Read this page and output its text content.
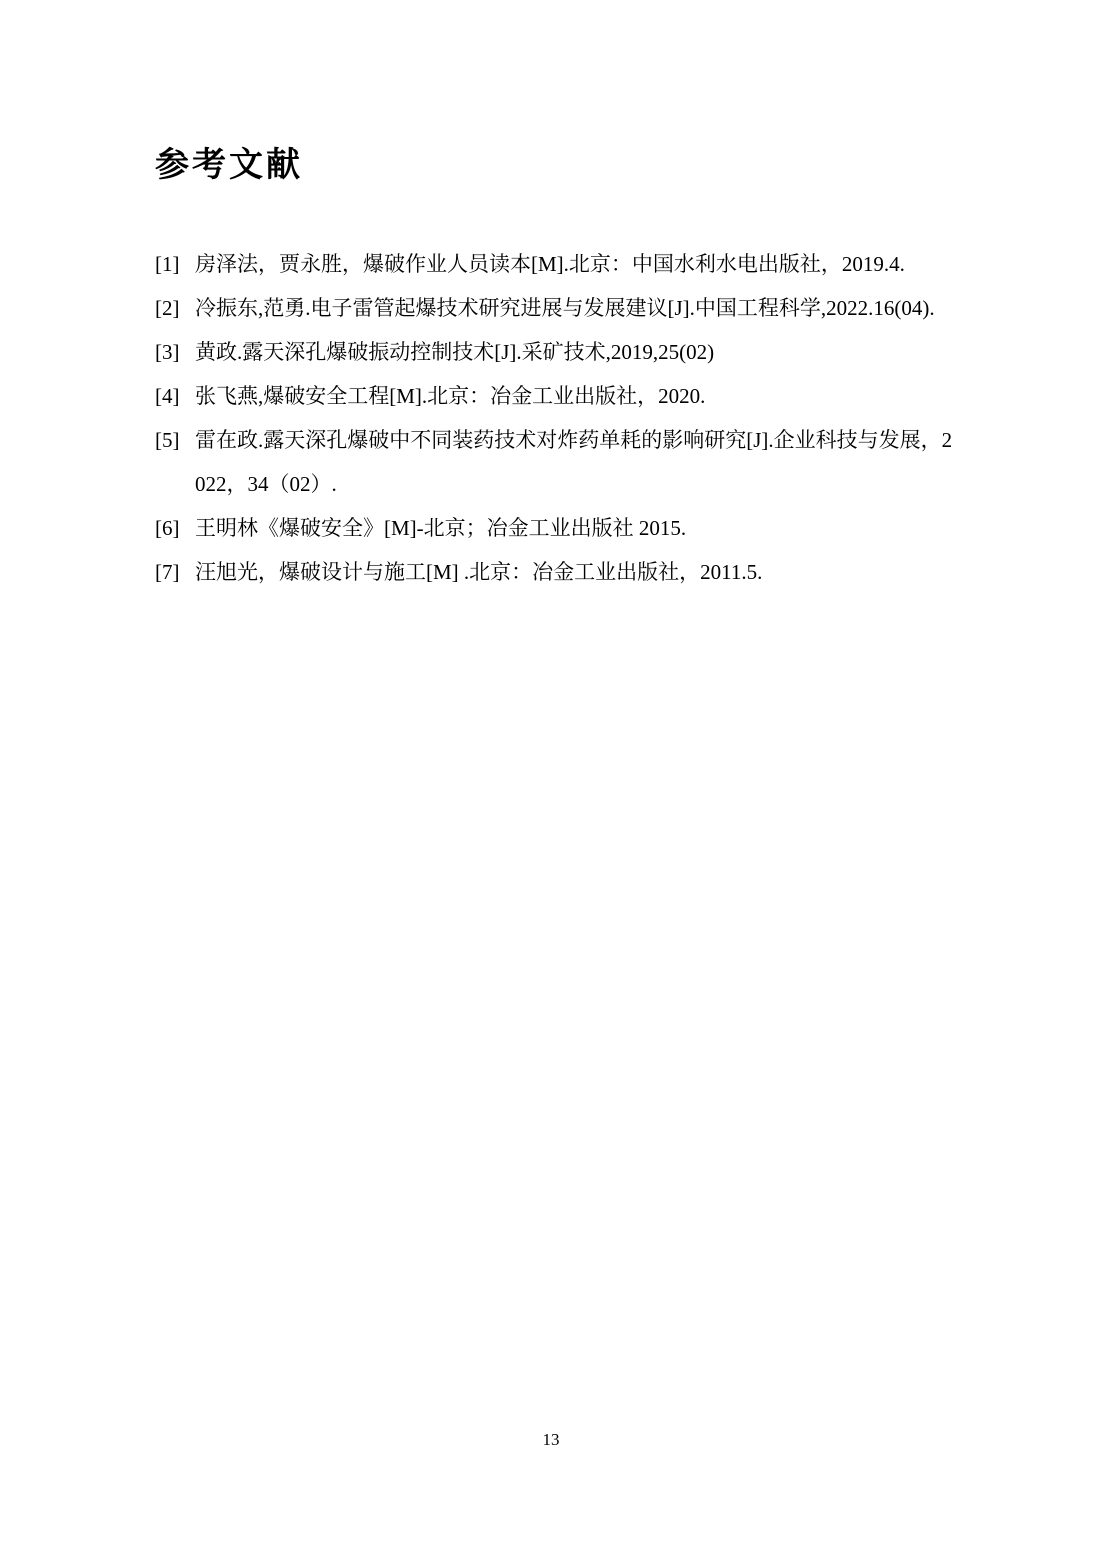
参考文献
[1] 房泽法，贾永胜，爆破作业人员读本[M].北京：中国水利水电出版社，2019.4.
[2] 冷振东,范勇.电子雷管起爆技术研究进展与发展建议[J].中国工程科学,2022.16(04).
[3] 黄政.露天深孔爆破振动控制技术[J].采矿技术,2019,25(02)
[4] 张飞燕,爆破安全工程[M].北京：冶金工业出版社，2020.
[5] 雷在政.露天深孔爆破中不同装药技术对炸药单耗的影响研究[J].企业科技与发展，2022，34（02）.
[6] 王明林《爆破安全》[M]-北京；冶金工业出版社 2015.
[7] 汪旭光，爆破设计与施工[M] .北京：冶金工业出版社，2011.5.
13
